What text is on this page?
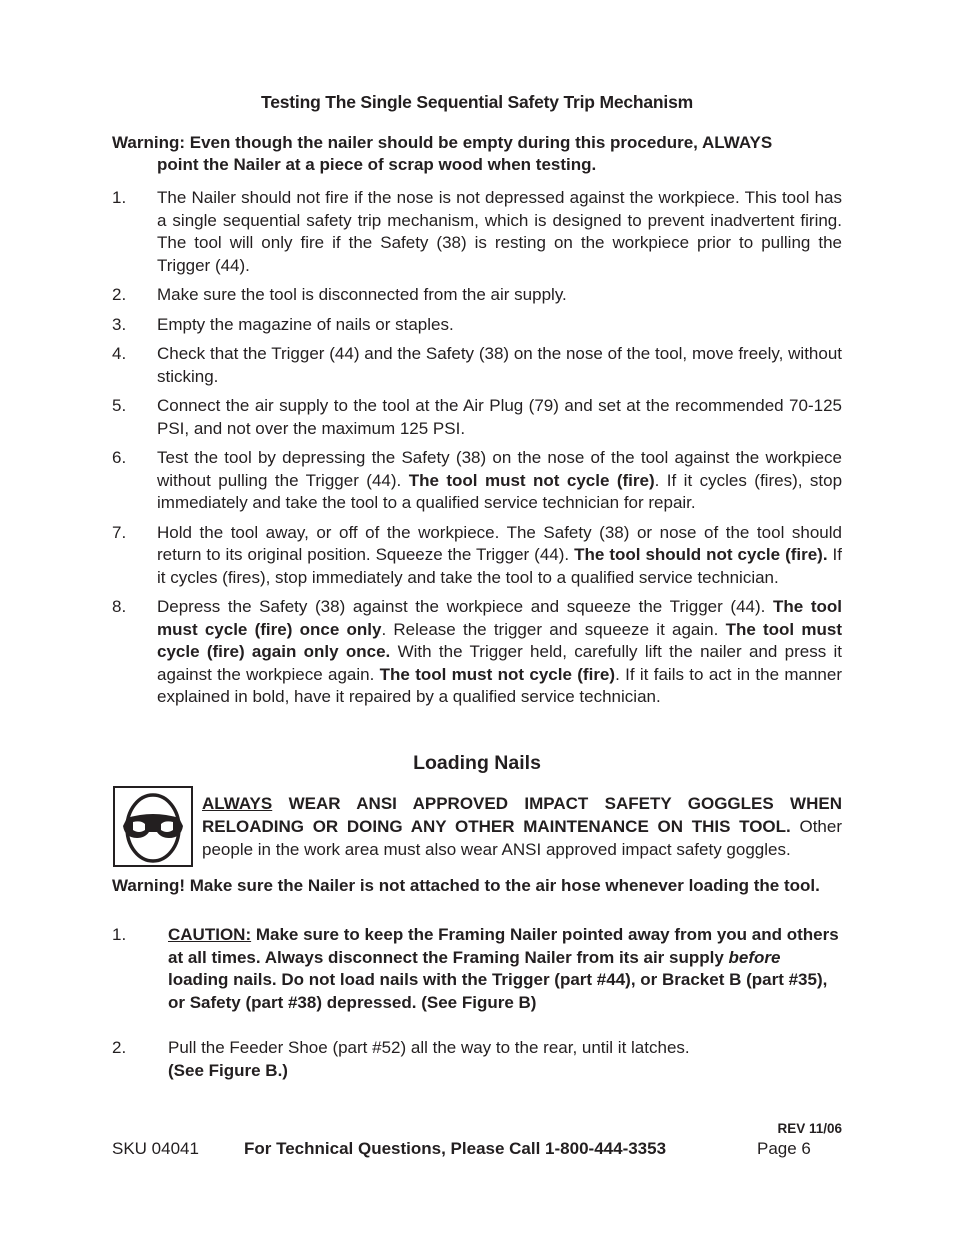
Testing The Single Sequential Safety Trip Mechanism
Warning: Even though the nailer should be empty during this procedure, ALWAYS
point the Nailer at a piece of scrap wood when testing.
1.	The Nailer should not fire if the nose is not depressed against the workpiece. This tool has a single sequential safety trip mechanism, which is designed to prevent inadvertent firing. The tool will only fire if the Safety (38) is resting on the workpiece prior to pulling the Trigger (44).
2.	Make sure the tool is disconnected from the air supply.
3.	Empty the magazine of nails or staples.
4.	Check that the Trigger (44) and the Safety (38) on the nose of the tool, move freely, without sticking.
5.	Connect the air supply to the tool at the Air Plug (79) and set at the recommended 70-125 PSI, and not over the maximum 125 PSI.
6.	Test the tool by depressing the Safety (38) on the nose of the tool against the workpiece without pulling the Trigger (44). The tool must not cycle (fire). If it cycles (fires), stop immediately and take the tool to a qualified service technician for repair.
7.	Hold the tool away, or off of the workpiece. The Safety (38) or nose of the tool should return to its original position. Squeeze the Trigger (44). The tool should not cycle (fire). If it cycles (fires), stop immediately and take the tool to a qualified service technician.
8.	Depress the Safety (38) against the workpiece and squeeze the Trigger (44). The tool must cycle (fire) once only. Release the trigger and squeeze it again. The tool must cycle (fire) again only once. With the Trigger held, carefully lift the nailer and press it against the workpiece again. The tool must not cycle (fire). If it fails to act in the manner explained in bold, have it repaired by a qualified service technician.
Loading Nails
ALWAYS WEAR ANSI APPROVED IMPACT SAFETY GOGGLES WHEN RELOADING OR DOING ANY OTHER MAINTENANCE ON THIS TOOL. Other people in the work area must also wear ANSI approved impact safety goggles.
Warning! Make sure the Nailer is not attached to the air hose whenever loading the tool.
1.	CAUTION: Make sure to keep the Framing Nailer pointed away from you and others at all times. Always disconnect the Framing Nailer from its air supply before loading nails. Do not load nails with the Trigger (part #44), or Bracket B (part #35), or Safety (part #38) depressed. (See Figure B)
2.	Pull the Feeder Shoe (part #52) all the way to the rear, until it latches.
(See Figure B.)
REV 11/06
SKU 04041	For Technical Questions, Please Call 1-800-444-3353	Page 6
